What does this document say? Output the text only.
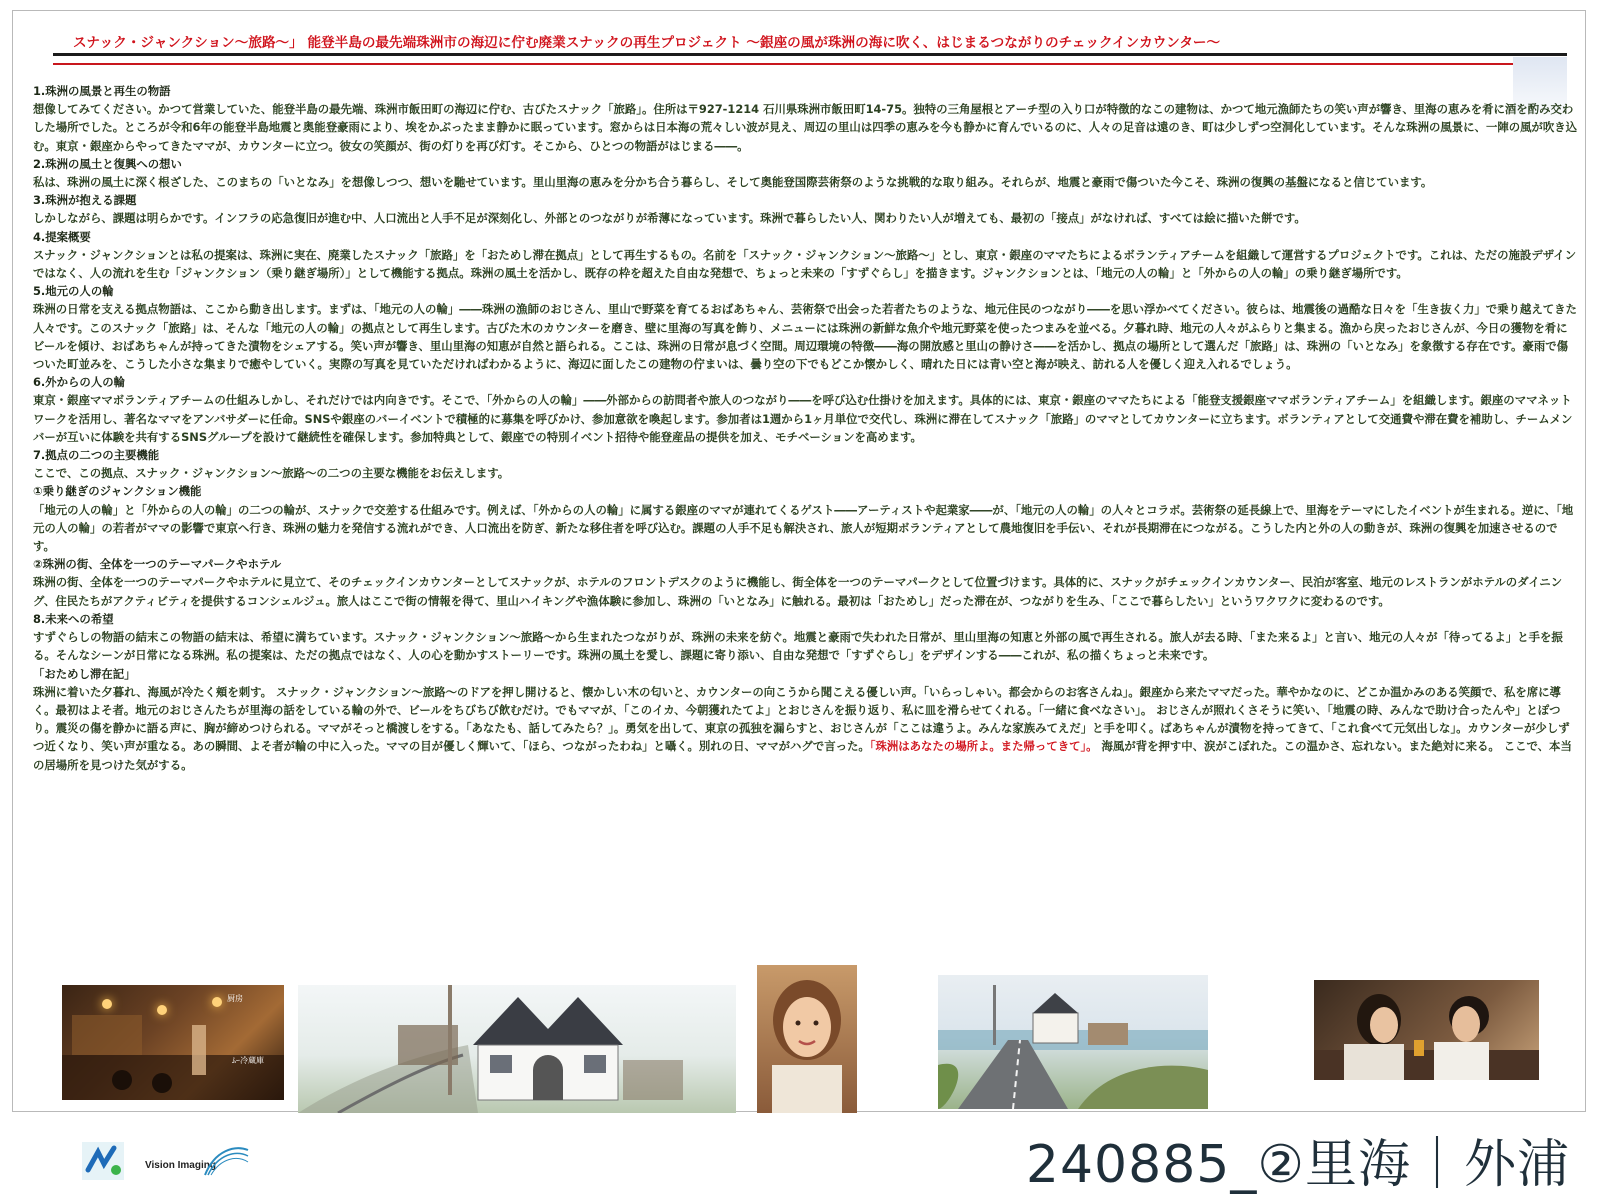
スナック・ジャンクション〜旅路〜」 能登半島の最先端珠洲市の海辺に佇む廃業スナックの再生プロジェクト 〜銀座の風が珠洲の海に吹く、はじまるつながりのチェックインカウンター〜
1.珠洲の風景と再生の物語
想像してみてください。かつて営業していた、能登半島の最先端、珠洲市飯田町の海辺に佇む、古びたスナック「旅路」。住所は〒927-1214 石川県珠洲市飯田町14-75。独特の三角屋根とアーチ型の入り口が特徴的なこの建物は、かつて地元漁師たちの笑い声が響き、里海の恵みを肴に酒を酌み交わした場所でした。ところが令和6年の能登半島地震と奥能登豪雨により、埃をかぶったまま静かに眠っています。窓からは日本海の荒々しい波が見え、周辺の里山は四季の恵みを今も静かに育んでいるのに、人々の足音は遠のき、町は少しずつ空洞化しています。そんな珠洲の風景に、一陣の風が吹き込む。東京・銀座からやってきたママが、カウンターに立つ。彼女の笑顔が、街の灯りを再び灯す。そこから、ひとつの物語がはじまる――。
2.珠洲の風土と復興への想い
私は、珠洲の風土に深く根ざした、このまちの「いとなみ」を想像しつつ、想いを馳せています。里山里海の恵みを分かち合う暮らし、そして奥能登国際芸術祭のような挑戦的な取り組み。それらが、地震と豪雨で傷ついた今こそ、珠洲の復興の基盤になると信じています。
3.珠洲が抱える課題
しかしながら、課題は明らかです。インフラの応急復旧が進む中、人口流出と人手不足が深刻化し、外部とのつながりが希薄になっています。珠洲で暮らしたい人、関わりたい人が増えても、最初の「接点」がなければ、すべては絵に描いた餅です。
4.提案概要
スナック・ジャンクションとは私の提案は、珠洲に実在、廃業したスナック「旅路」を「おためし滞在拠点」として再生するもの。名前を「スナック・ジャンクション〜旅路〜」とし、東京・銀座のママたちによるボランティアチームを組織して運営するプロジェクトです。これは、ただの施設デザインではなく、人の流れを生む「ジャンクション（乗り継ぎ場所）」として機能する拠点。珠洲の風土を活かし、既存の枠を超えた自由な発想で、ちょっと未来の「すずぐらし」を描きます。ジャンクションとは、「地元の人の輪」と「外からの人の輪」の乗り継ぎ場所です。
5.地元の人の輪
珠洲の日常を支える拠点物語は、ここから動き出します。まずは、「地元の人の輪」――珠洲の漁師のおじさん、里山で野菜を育てるおばあちゃん、芸術祭で出会った若者たちのような、地元住民のつながり――を思い浮かべてください。彼らは、地震後の過酷な日々を「生き抜く力」で乗り越えてきた人々です。このスナック「旅路」は、そんな「地元の人の輪」の拠点として再生します。古びた木のカウンターを磨き、壁に里海の写真を飾り、メニューには珠洲の新鮮な魚介や地元野菜を使ったつまみを並べる。夕暮れ時、地元の人々がふらりと集まる。漁から戻ったおじさんが、今日の獲物を肴にビールを傾け、おばあちゃんが持ってきた漬物をシェアする。笑い声が響き、里山里海の知恵が自然と語られる。ここは、珠洲の日常が息づく空間。周辺環境の特徴――海の開放感と里山の静けさ――を活かし、拠点の場所として選んだ「旅路」は、珠洲の「いとなみ」を象徴する存在です。豪雨で傷ついた町並みを、こうした小さな集まりで癒やしていく。実際の写真を見ていただければわかるように、海辺に面したこの建物の佇まいは、曇り空の下でもどこか懐かしく、晴れた日には青い空と海が映え、訪れる人を優しく迎え入れるでしょう。
6.外からの人の輪
東京・銀座ママボランティアチームの仕組みしかし、それだけでは内向きです。そこで、「外からの人の輪」――外部からの訪問者や旅人のつながり――を呼び込む仕掛けを加えます。具体的には、東京・銀座のママたちによる「能登支援銀座ママボランティアチーム」を組織します。銀座のママネットワークを活用し、著名なママをアンバサダーに任命。SNSや銀座のバーイベントで積極的に募集を呼びかけ、参加意欲を喚起します。参加者は1週から1ヶ月単位で交代し、珠洲に滞在してスナック「旅路」のママとしてカウンターに立ちます。ボランティアとして交通費や滞在費を補助し、チームメンバーが互いに体験を共有するSNSグループを設けて継続性を確保します。参加特典として、銀座での特別イベント招待や能登産品の提供を加え、モチベーションを高めます。
7.拠点の二つの主要機能
ここで、この拠点、スナック・ジャンクション〜旅路〜の二つの主要な機能をお伝えします。
①乗り継ぎのジャンクション機能
「地元の人の輪」と「外からの人の輪」の二つの輪が、スナックで交差する仕組みです。例えば、「外からの人の輪」に属する銀座のママが連れてくるゲスト――アーティストや起業家――が、「地元の人の輪」の人々とコラボ。芸術祭の延長線上で、里海をテーマにしたイベントが生まれる。逆に、「地元の人の輪」の若者がママの影響で東京へ行き、珠洲の魅力を発信する流れができ、人口流出を防ぎ、新たな移住者を呼び込む。課題の人手不足も解決され、旅人が短期ボランティアとして農地復旧を手伝い、それが長期滞在につながる。こうした内と外の人の動きが、珠洲の復興を加速させるのです。
②珠洲の街、全体を一つのテーマパークやホテル
珠洲の街、全体を一つのテーマパークやホテルに見立て、そのチェックインカウンターとしてスナックが、ホテルのフロントデスクのように機能し、街全体を一つのテーマパークとして位置づけます。具体的に、スナックがチェックインカウンター、民泊が客室、地元のレストランがホテルのダイニング、住民たちがアクティビティを提供するコンシェルジュ。旅人はここで街の情報を得て、里山ハイキングや漁体験に参加し、珠洲の「いとなみ」に触れる。最初は「おためし」だった滞在が、つながりを生み、「ここで暮らしたい」というワクワクに変わるのです。
8.未来への希望
すずぐらしの物語の結末この物語の結末は、希望に満ちています。スナック・ジャンクション〜旅路〜から生まれたつながりが、珠洲の未来を紡ぐ。地震と豪雨で失われた日常が、里山里海の知恵と外部の風で再生される。旅人が去る時、「また来るよ」と言い、地元の人々が「待ってるよ」と手を振る。そんなシーンが日常になる珠洲。私の提案は、ただの拠点ではなく、人の心を動かすストーリーです。珠洲の風土を愛し、課題に寄り添い、自由な発想で「すずぐらし」をデザインする――これが、私の描くちょっと未来です。
「おためし滞在記」
珠洲に着いた夕暮れ、海風が冷たく頬を刺す。 スナック・ジャンクション〜旅路〜のドアを押し開けると、懐かしい木の匂いと、カウンターの向こうから聞こえる優しい声。「いらっしゃい。都会からのお客さんね」。銀座から来たママだった。華やかなのに、どこか温かみのある笑顔で、私を席に導く。最初はよそ者。地元のおじさんたちが里海の話をしている輪の外で、ビールをちびちび飲むだけ。でもママが、「このイカ、今朝獲れたてよ」とおじさんを振り返り、私に皿を滑らせてくれる。「一緒に食べなさい」。 おじさんが照れくさそうに笑い、「地震の時、みんなで助け合ったんや」とぽつり。震災の傷を静かに語る声に、胸が締めつけられる。ママがそっと橋渡しをする。「あなたも、話してみたら？」。勇気を出して、東京の孤独を漏らすと、おじさんが「ここは違うよ。みんな家族みてえだ」と手を叩く。ばあちゃんが漬物を持ってきて、「これ食べて元気出しな」。カウンターが少しずつ近くなり、笑い声が重なる。あの瞬間、よそ者が輪の中に入った。ママの目が優しく輝いて、「ほら、つながったわね」と囁く。別れの日、ママがハグで言った。「珠洲はあなたの場所よ。また帰ってきて」。 海風が背を押す中、涙がこぼれた。この温かさ、忘れない。また絶対に来る。 ここで、本当の居場所を見つけた気がする。
厨房
ﾑｰ冷蔵庫
Vision Imaging	240885_②里海｜外浦
